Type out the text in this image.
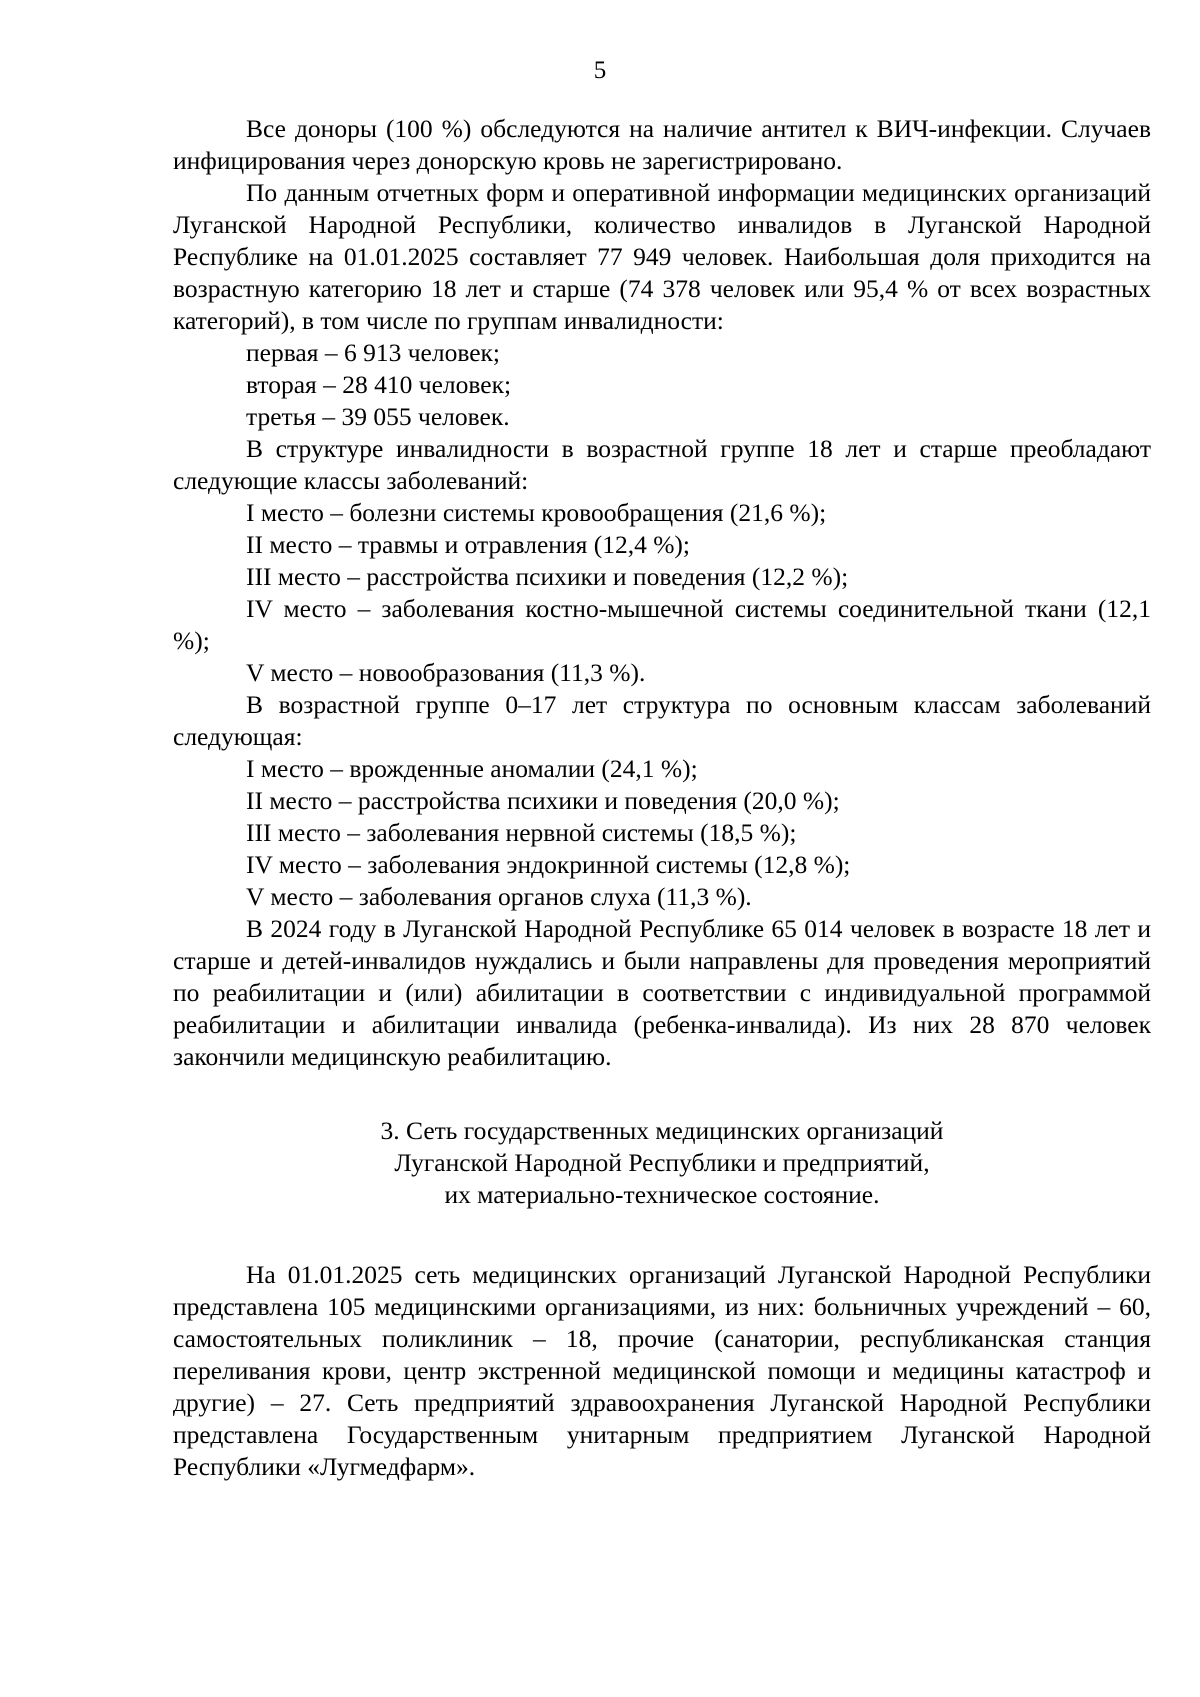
5

Все доноры (100 %) обследуются на наличие антител к ВИЧ-инфекции. Случаев инфицирования через донорскую кровь не зарегистрировано.

По данным отчетных форм и оперативной информации медицинских организаций Луганской Народной Республики, количество инвалидов в Луганской Народной Республике на 01.01.2025 составляет 77 949 человек. Наибольшая доля приходится на возрастную категорию 18 лет и старше (74 378 человек или 95,4 % от всех возрастных категорий), в том числе по группам инвалидности:

первая – 6 913 человек;

вторая – 28 410 человек;

третья – 39 055 человек.

В структуре инвалидности в возрастной группе 18 лет и старше преобладают следующие классы заболеваний:

I место – болезни системы кровообращения (21,6 %);

II место – травмы и отравления (12,4 %);

III место – расстройства психики и поведения (12,2 %);

IV место – заболевания костно-мышечной системы соединительной ткани (12,1 %);

V место – новообразования (11,3 %).

В возрастной группе 0–17 лет структура по основным классам заболеваний следующая:

I место – врожденные аномалии (24,1 %);

II место – расстройства психики и поведения (20,0 %);

III место – заболевания нервной системы (18,5 %);

IV место – заболевания эндокринной системы (12,8 %);

V место – заболевания органов слуха (11,3 %).

В 2024 году в Луганской Народной Республике 65 014 человек в возрасте 18 лет и старше и детей-инвалидов нуждались и были направлены для проведения мероприятий по реабилитации и (или) абилитации в соответствии с индивидуальной программой реабилитации и абилитации инвалида (ребенка-инвалида). Из них 28 870 человек закончили медицинскую реабилитацию.

3. Сеть государственных медицинских организаций
Луганской Народной Республики и предприятий,
их материально-техническое состояние.

На 01.01.2025 сеть медицинских организаций Луганской Народной Республики представлена 105 медицинскими организациями, из них: больничных учреждений – 60, самостоятельных поликлиник – 18, прочие (санатории, республиканская станция переливания крови, центр экстренной медицинской помощи и медицины катастроф и другие) – 27. Сеть предприятий здравоохранения Луганской Народной Республики представлена Государственным унитарным предприятием Луганской Народной Республики «Лугмедфарм».
